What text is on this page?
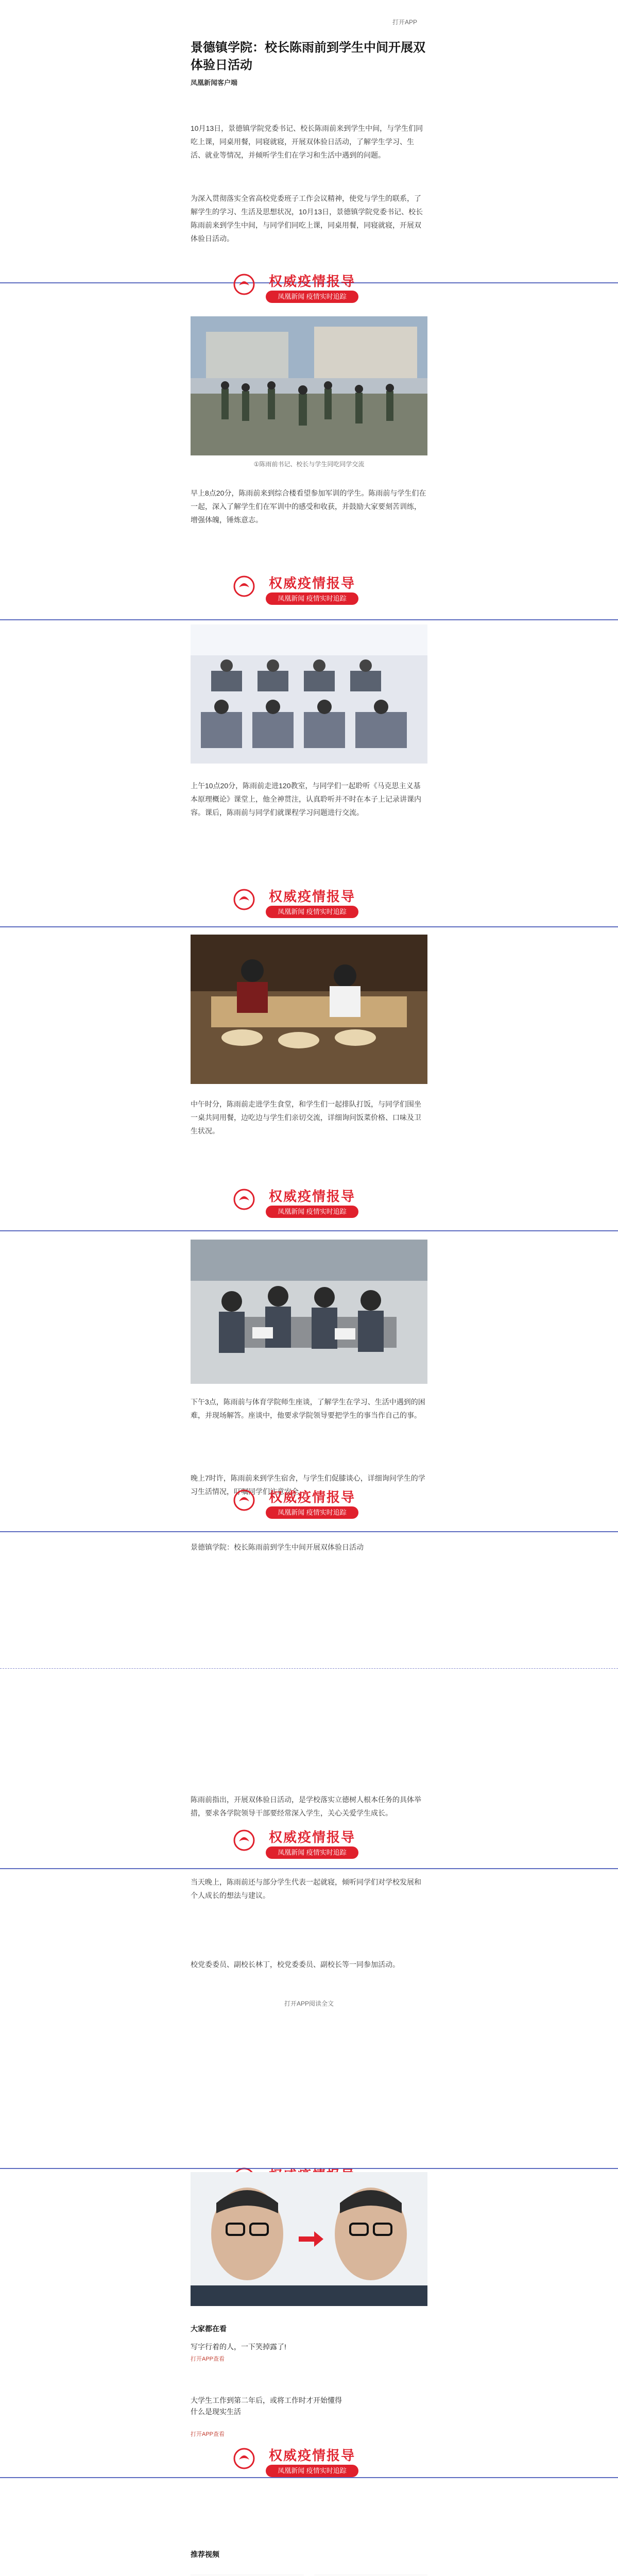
打开APP
景德镇学院：校长陈雨前到学生中间开展双体验日活动
凤凰新闻客户端
10月13日，景德镇学院党委书记、校长陈雨前来到学生中间，与学生们同吃上课，同桌用餐，同寝就寝，开展双体验日活动，了解学生学习、生活、就业等情况，并倾听学生们在学习和生活中遇到的问题。
为深入贯彻落实全省高校党委班子工作会议精神，使党与学生的联系，了解学生的学习、生活及思想状况，10月13日，景德镇学院党委书记、校长陈雨前来到学生中间，与同学们同吃上课，同桌用餐，同寝就寝，开展双体验日活动。
权威疫情报导
凤凰新闻 疫情实时追踪
①陈雨前书记、校长与学生同吃同学交流
早上8点20分，陈雨前来到综合楼看望参加军训的学生。陈雨前与学生们在一起，深入了解学生们在军训中的感受和收获，并鼓励大家要刻苦训练，增强体魄，锤炼意志。
权威疫情报导
凤凰新闻 疫情实时追踪
上午10点20分，陈雨前走进120教室，与同学们一起聆听《马克思主义基本原理概论》课堂上，他全神贯注，认真聆听并不时在本子上记录讲课内容。课后，陈雨前与同学们就课程学习问题进行交流。
权威疫情报导
凤凰新闻 疫情实时追踪
中午时分，陈雨前走进学生食堂，和学生们一起排队打饭，与同学们围坐一桌共同用餐，边吃边与学生们亲切交流，详细询问饭菜价格、口味及卫生状况。
权威疫情报导
凤凰新闻 疫情实时追踪
下午3点，陈雨前与体育学院师生座谈，了解学生在学习、生活中遇到的困难，并现场解答。座谈中，他要求学院领导要把学生的事当作自己的事。
晚上7时许，陈雨前来到学生宿舍，与学生们促膝谈心，详细询问学生的学习生活情况，叮嘱同学们注意安全。
权威疫情报导
凤凰新闻 疫情实时追踪
景德镇学院：校长陈雨前到学生中间开展双体验日活动
陈雨前指出，开展双体验日活动，是学校落实立德树人根本任务的具体举措，要求各学院领导干部要经常深入学生，关心关爱学生成长。
权威疫情报导
凤凰新闻 疫情实时追踪
当天晚上，陈雨前还与部分学生代表一起就寝，倾听同学们对学校发展和个人成长的想法与建议。
校党委委员、副校长林丁，校党委委员、副校长等一同参加活动。
打开APP阅读全文
大家都在看
写字行着的人，一下笑掉露了!
打开APP查看
大学生工作到第二年后，或将工作时才开始懂得什么是现实生活
打开APP查看
权威疫情报导
凤凰新闻 疫情实时追踪
推荐视频
